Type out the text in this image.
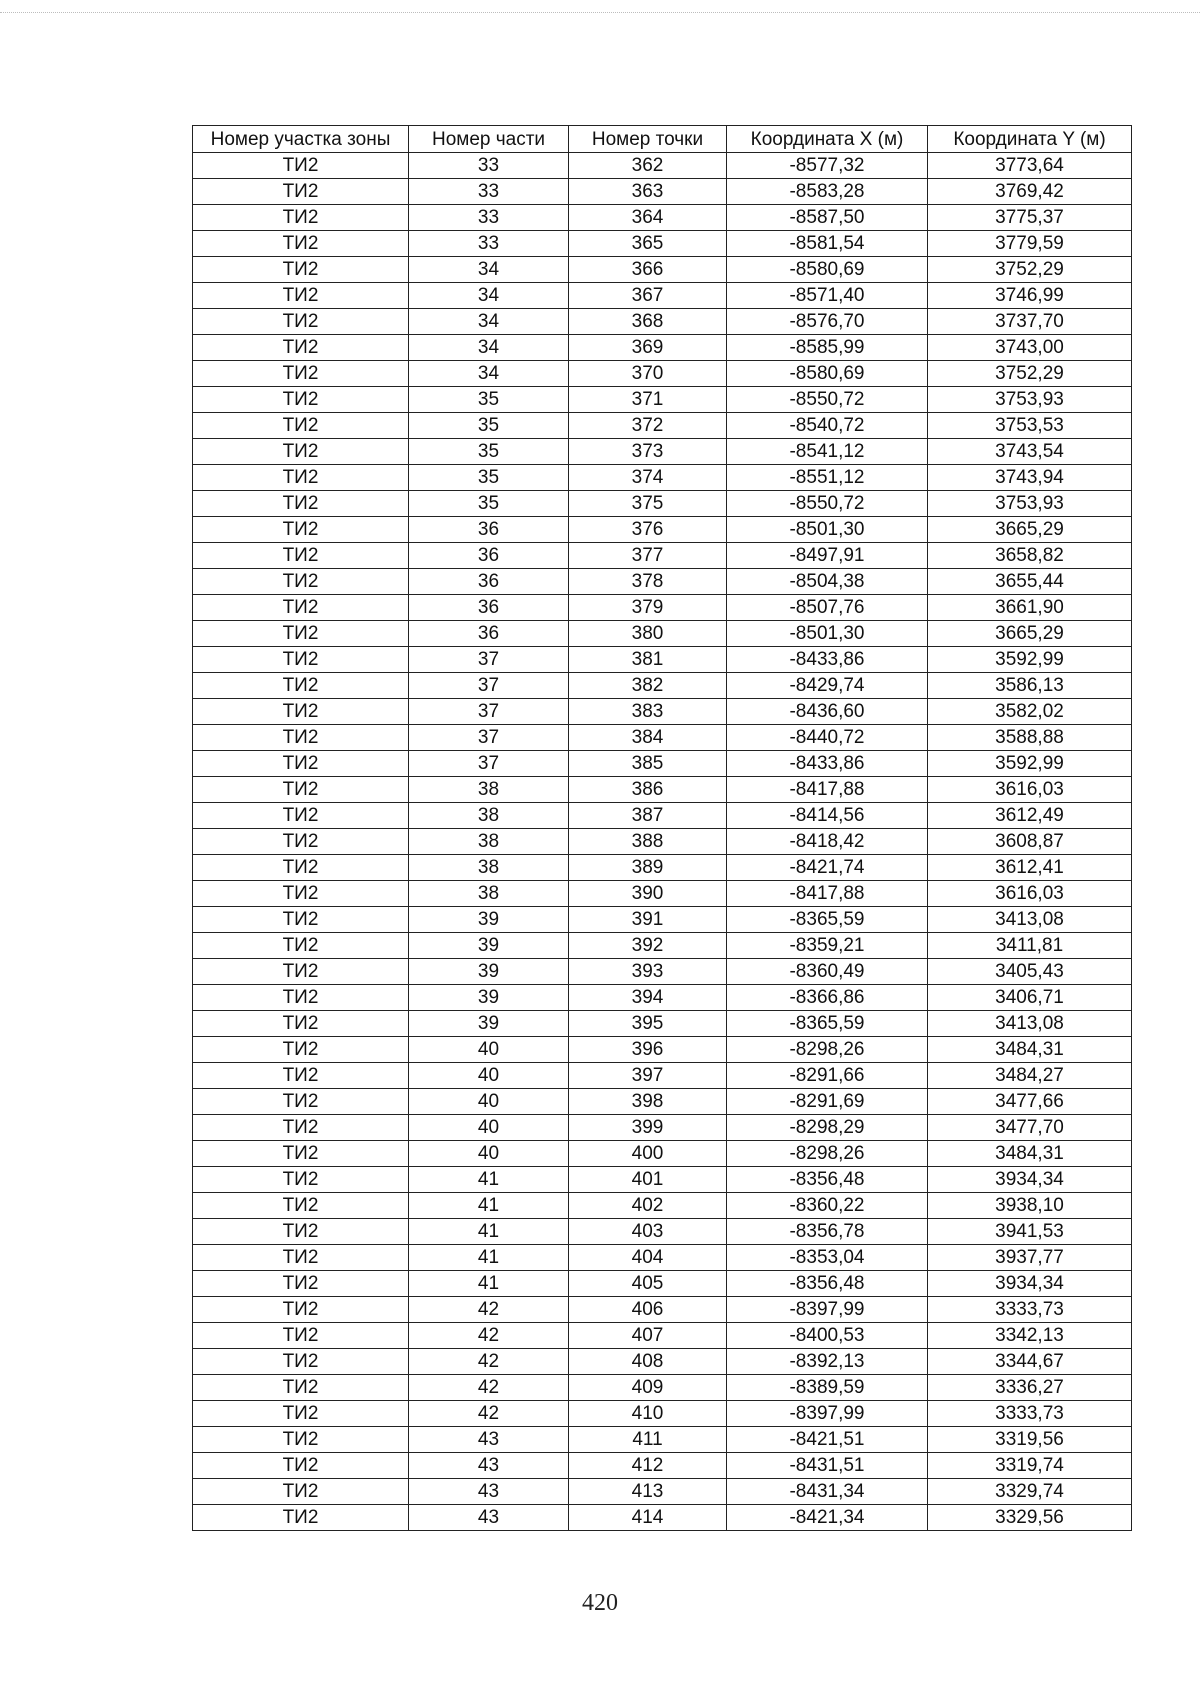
Номер участка зоны	Номер части	Номер точки	Координата X (м)	Координата Y (м)
ТИ2	33	362	-8577,32	3773,64
ТИ2	33	363	-8583,28	3769,42
ТИ2	33	364	-8587,50	3775,37
ТИ2	33	365	-8581,54	3779,59
ТИ2	34	366	-8580,69	3752,29
ТИ2	34	367	-8571,40	3746,99
ТИ2	34	368	-8576,70	3737,70
ТИ2	34	369	-8585,99	3743,00
ТИ2	34	370	-8580,69	3752,29
ТИ2	35	371	-8550,72	3753,93
ТИ2	35	372	-8540,72	3753,53
ТИ2	35	373	-8541,12	3743,54
ТИ2	35	374	-8551,12	3743,94
ТИ2	35	375	-8550,72	3753,93
ТИ2	36	376	-8501,30	3665,29
ТИ2	36	377	-8497,91	3658,82
ТИ2	36	378	-8504,38	3655,44
ТИ2	36	379	-8507,76	3661,90
ТИ2	36	380	-8501,30	3665,29
ТИ2	37	381	-8433,86	3592,99
ТИ2	37	382	-8429,74	3586,13
ТИ2	37	383	-8436,60	3582,02
ТИ2	37	384	-8440,72	3588,88
ТИ2	37	385	-8433,86	3592,99
ТИ2	38	386	-8417,88	3616,03
ТИ2	38	387	-8414,56	3612,49
ТИ2	38	388	-8418,42	3608,87
ТИ2	38	389	-8421,74	3612,41
ТИ2	38	390	-8417,88	3616,03
ТИ2	39	391	-8365,59	3413,08
ТИ2	39	392	-8359,21	3411,81
ТИ2	39	393	-8360,49	3405,43
ТИ2	39	394	-8366,86	3406,71
ТИ2	39	395	-8365,59	3413,08
ТИ2	40	396	-8298,26	3484,31
ТИ2	40	397	-8291,66	3484,27
ТИ2	40	398	-8291,69	3477,66
ТИ2	40	399	-8298,29	3477,70
ТИ2	40	400	-8298,26	3484,31
ТИ2	41	401	-8356,48	3934,34
ТИ2	41	402	-8360,22	3938,10
ТИ2	41	403	-8356,78	3941,53
ТИ2	41	404	-8353,04	3937,77
ТИ2	41	405	-8356,48	3934,34
ТИ2	42	406	-8397,99	3333,73
ТИ2	42	407	-8400,53	3342,13
ТИ2	42	408	-8392,13	3344,67
ТИ2	42	409	-8389,59	3336,27
ТИ2	42	410	-8397,99	3333,73
ТИ2	43	411	-8421,51	3319,56
ТИ2	43	412	-8431,51	3319,74
ТИ2	43	413	-8431,34	3329,74
ТИ2	43	414	-8421,34	3329,56
420
